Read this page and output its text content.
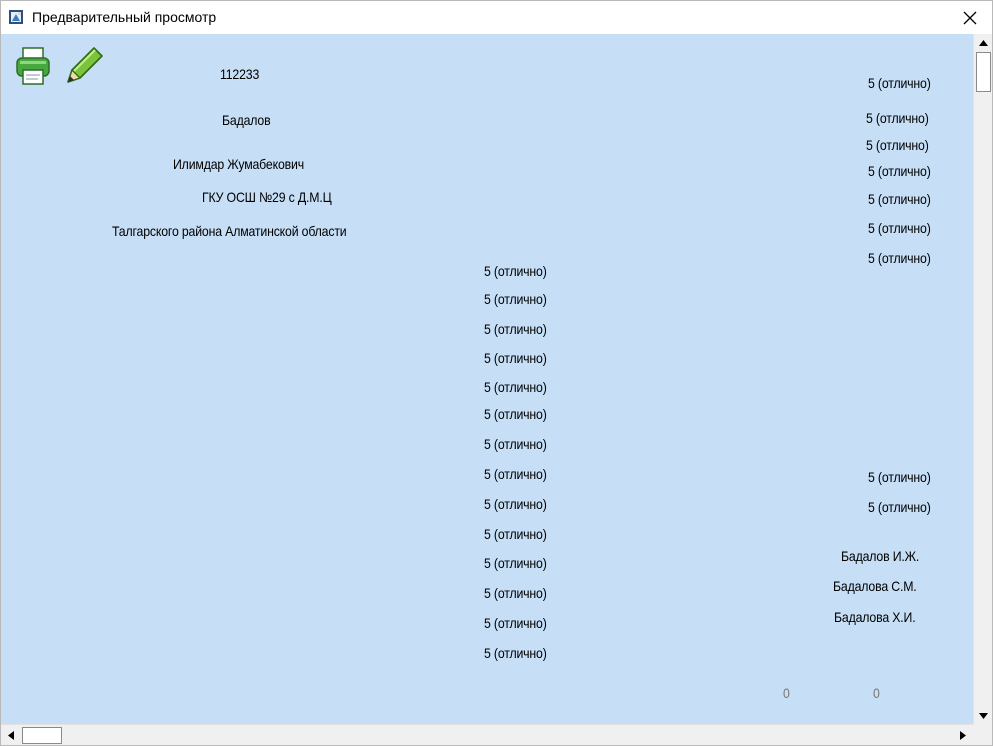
Предварительный просмотр
112233
Бадалов
Илимдар Жумабекович
ГКУ ОСШ №29 с Д.М.Ц
Талгарского района Алматинской области
5 (отлично)
5 (отлично)
5 (отлично)
5 (отлично)
5 (отлично)
5 (отлично)
5 (отлично)
5 (отлично)
5 (отлично)
5 (отлично)
5 (отлично)
5 (отлично)
5 (отлично)
5 (отлично)
5 (отлично)
5 (отлично)
5 (отлично)
5 (отлично)
5 (отлично)
5 (отлично)
5 (отлично)
5 (отлично)
5 (отлично)
Бадалов И.Ж.
Бадалова С.М.
Бадалова Х.И.
0	0
